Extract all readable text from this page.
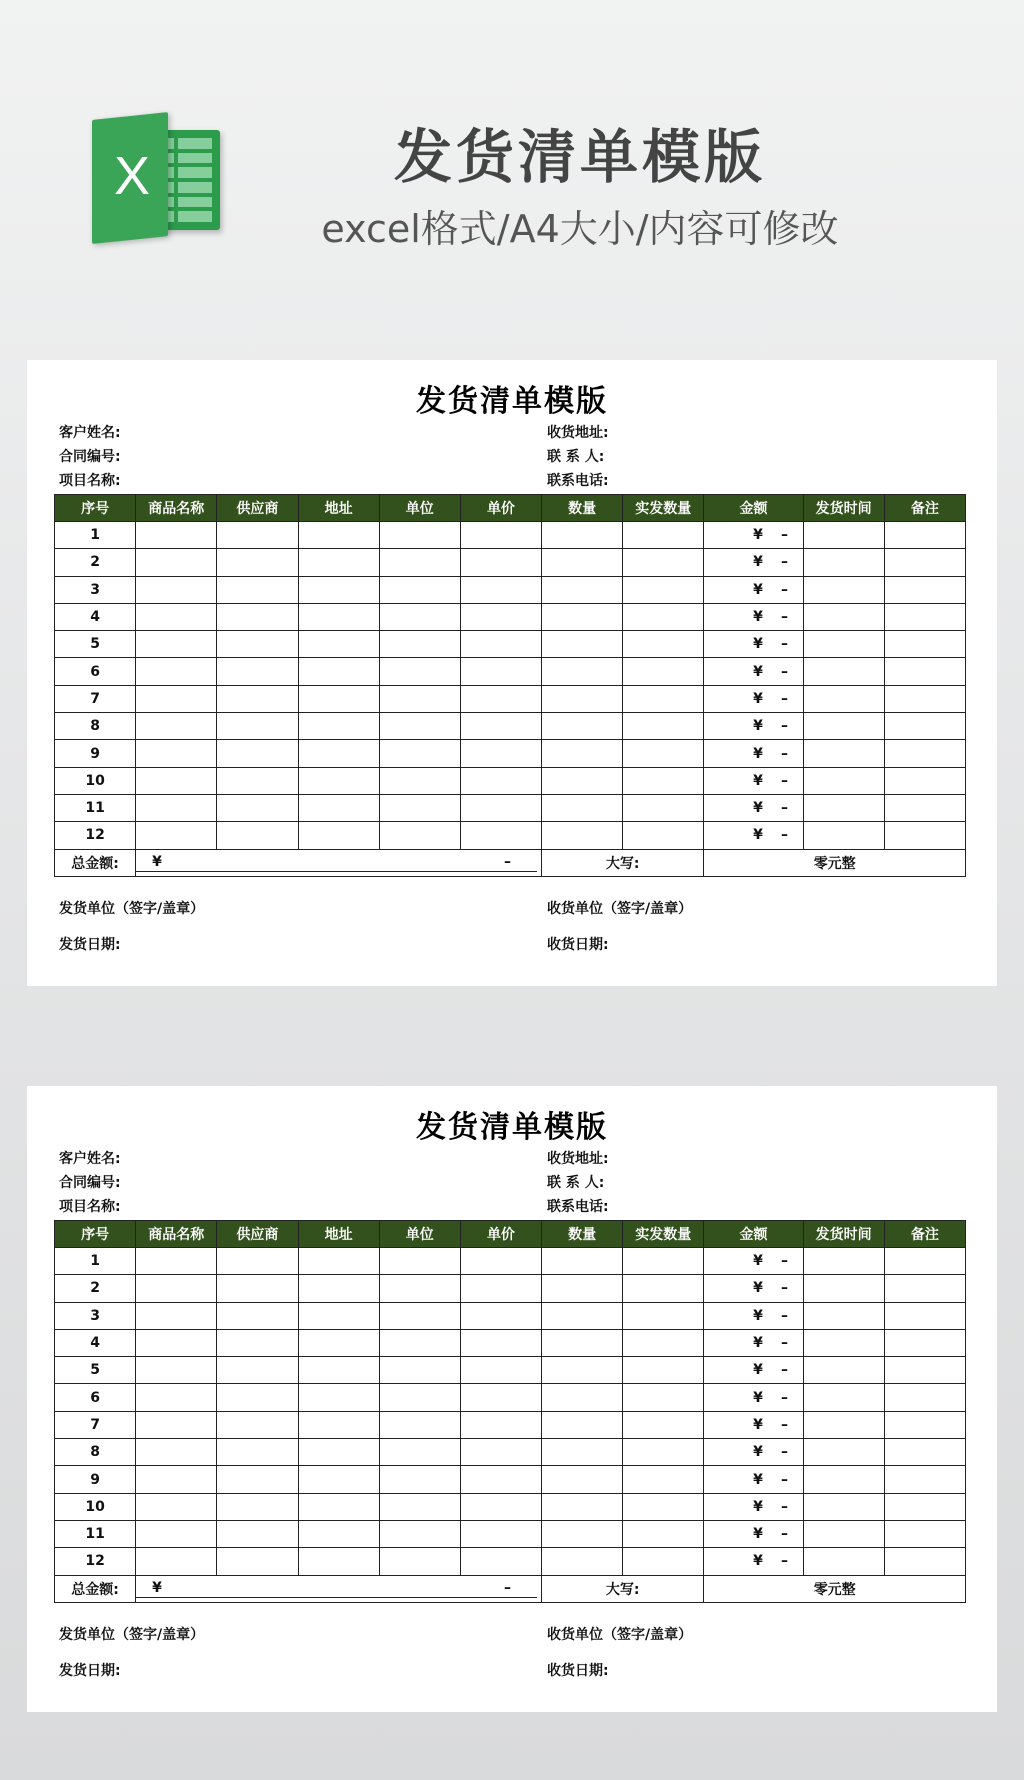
X	发货清单模版
excel格式/A4大小/内容可修改
发货清单模版
客户姓名:
合同编号:
项目名称:
收货地址:
联 系 人:
联系电话:
序号	商品名称	供应商	地址	单位	单价	数量	实发数量	金额	发货时间	备注
1								¥ –		
2								¥ –		
3								¥ –		
4								¥ –		
5								¥ –		
6								¥ –		
7								¥ –		
8								¥ –		
9								¥ –		
10								¥ –		
11								¥ –		
12								¥ –		
总金额:	¥ –					大写:		零元整		
发货单位（签字/盖章）	收货单位（签字/盖章）
发货日期:	收货日期:
发货清单模版
客户姓名:
合同编号:
项目名称:
收货地址:
联 系 人:
联系电话:
序号	商品名称	供应商	地址	单位	单价	数量	实发数量	金额	发货时间	备注
1								¥ –		
2								¥ –		
3								¥ –		
4								¥ –		
5								¥ –		
6								¥ –		
7								¥ –		
8								¥ –		
9								¥ –		
10								¥ –		
11								¥ –		
12								¥ –		
总金额:	¥ –					大写:		零元整		
发货单位（签字/盖章）	收货单位（签字/盖章）
发货日期:	收货日期:
